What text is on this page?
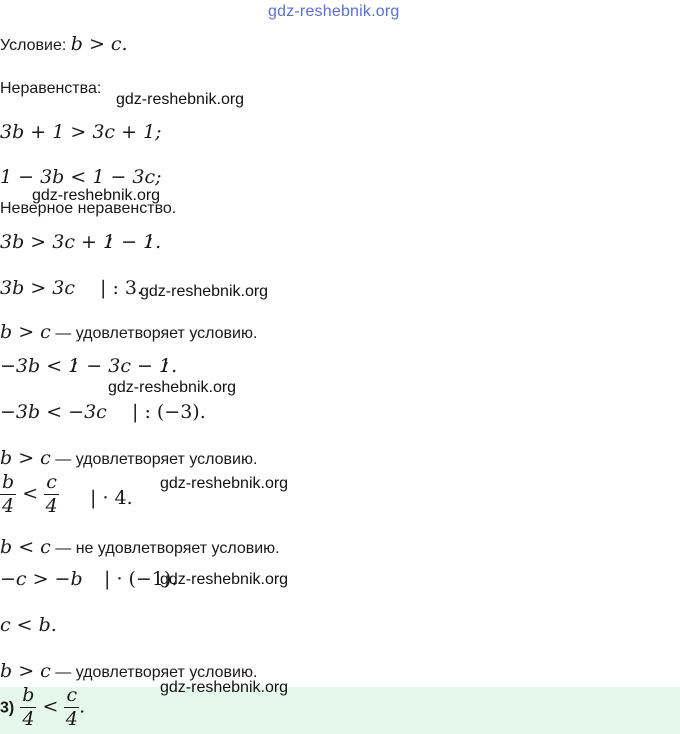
gdz-reshebnik.org
Условие: b > c.
Неравенства:
gdz-reshebnik.org
3b + 1 > 3c + 1;
1 − 3b < 1 − 3c;
gdz-reshebnik.org
Неверное неравенство.
3b > 3c + 1 − 1.
3b > 3c | : 3.
gdz-reshebnik.org
b > c — удовлетворяет условию.
−3b < 1 − 3c − 1.
gdz-reshebnik.org
−3b < −3c | : (−3).
b > c — удовлетворяет условию.
$\frac{b}{4} < \frac{c}{4}$ | · 4.
gdz-reshebnik.org
b < c — не удовлетворяет условию.
−c > −b | · (−1).
gdz-reshebnik.org
c < b.
b > c — удовлетворяет условию.
gdz-reshebnik.org
$3) \frac{b}{4} < \frac{c}{4}$ .
